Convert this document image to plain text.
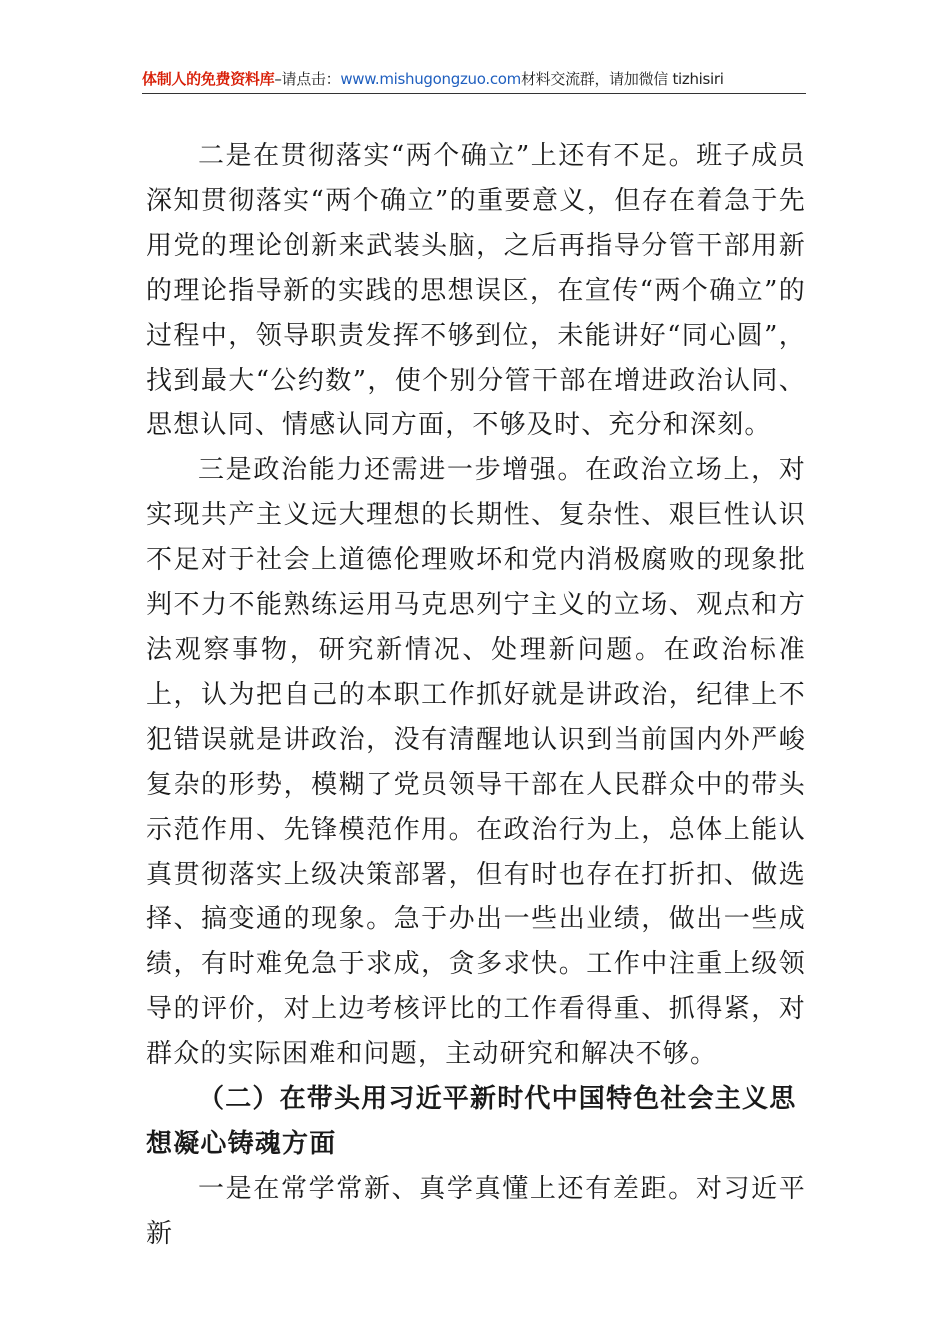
体制人的免费资料库–请点击：www.mishugongzuo.com材料交流群，请加微信 tizhisiri

二是在贯彻落实“两个确立”上还有不足。班子成员深知贯彻落实“两个确立”的重要意义，但存在着急于先用党的理论创新来武装头脑，之后再指导分管干部用新的理论指导新的实践的思想误区，在宣传“两个确立”的过程中，领导职责发挥不够到位，未能讲好“同心圆”，找到最大“公约数”，使个别分管干部在增进政治认同、思想认同、情感认同方面，不够及时、充分和深刻。

三是政治能力还需进一步增强。在政治立场上，对实现共产主义远大理想的长期性、复杂性、艰巨性认识不足对于社会上道德伦理败坏和党内消极腐败的现象批判不力不能熟练运用马克思列宁主义的立场、观点和方法观察事物，研究新情况、处理新问题。在政治标准上，认为把自己的本职工作抓好就是讲政治，纪律上不犯错误就是讲政治，没有清醒地认识到当前国内外严峻复杂的形势，模糊了党员领导干部在人民群众中的带头示范作用、先锋模范作用。在政治行为上，总体上能认真贯彻落实上级决策部署，但有时也存在打折扣、做选择、搞变通的现象。急于办出一些出业绩，做出一些成绩，有时难免急于求成，贪多求快。工作中注重上级领导的评价，对上边考核评比的工作看得重、抓得紧，对群众的实际困难和问题，主动研究和解决不够。

（二）在带头用习近平新时代中国特色社会主义思想凝心铸魂方面

一是在常学常新、真学真懂上还有差距。对习近平新
